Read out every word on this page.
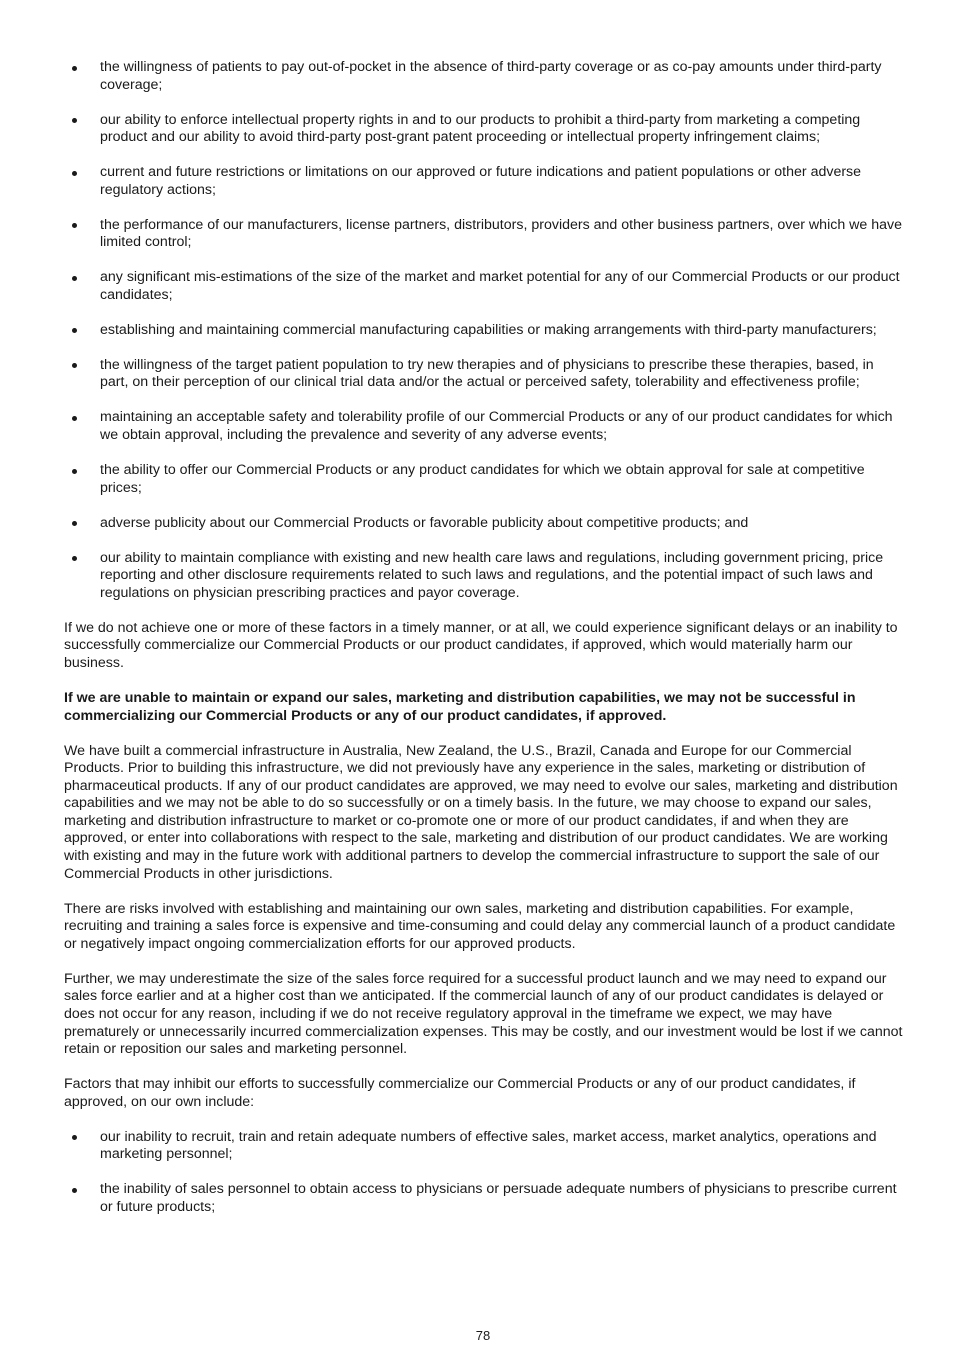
the willingness of patients to pay out-of-pocket in the absence of third-party coverage or as co-pay amounts under third-party coverage;
our ability to enforce intellectual property rights in and to our products to prohibit a third-party from marketing a competing product and our ability to avoid third-party post-grant patent proceeding or intellectual property infringement claims;
current and future restrictions or limitations on our approved or future indications and patient populations or other adverse regulatory actions;
the performance of our manufacturers, license partners, distributors, providers and other business partners, over which we have limited control;
any significant mis-estimations of the size of the market and market potential for any of our Commercial Products or our product candidates;
establishing and maintaining commercial manufacturing capabilities or making arrangements with third-party manufacturers;
the willingness of the target patient population to try new therapies and of physicians to prescribe these therapies, based, in part, on their perception of our clinical trial data and/or the actual or perceived safety, tolerability and effectiveness profile;
maintaining an acceptable safety and tolerability profile of our Commercial Products or any of our product candidates for which we obtain approval, including the prevalence and severity of any adverse events;
the ability to offer our Commercial Products or any product candidates for which we obtain approval for sale at competitive prices;
adverse publicity about our Commercial Products or favorable publicity about competitive products; and
our ability to maintain compliance with existing and new health care laws and regulations, including government pricing, price reporting and other disclosure requirements related to such laws and regulations, and the potential impact of such laws and regulations on physician prescribing practices and payor coverage.

If we do not achieve one or more of these factors in a timely manner, or at all, we could experience significant delays or an inability to successfully commercialize our Commercial Products or our product candidates, if approved, which would materially harm our business.

If we are unable to maintain or expand our sales, marketing and distribution capabilities, we may not be successful in commercializing our Commercial Products or any of our product candidates, if approved.

We have built a commercial infrastructure in Australia, New Zealand, the U.S., Brazil, Canada and Europe for our Commercial Products. Prior to building this infrastructure, we did not previously have any experience in the sales, marketing or distribution of pharmaceutical products. If any of our product candidates are approved, we may need to evolve our sales, marketing and distribution capabilities and we may not be able to do so successfully or on a timely basis. In the future, we may choose to expand our sales, marketing and distribution infrastructure to market or co-promote one or more of our product candidates, if and when they are approved, or enter into collaborations with respect to the sale, marketing and distribution of our product candidates. We are working with existing and may in the future work with additional partners to develop the commercial infrastructure to support the sale of our Commercial Products in other jurisdictions.

There are risks involved with establishing and maintaining our own sales, marketing and distribution capabilities. For example, recruiting and training a sales force is expensive and time-consuming and could delay any commercial launch of a product candidate or negatively impact ongoing commercialization efforts for our approved products.

Further, we may underestimate the size of the sales force required for a successful product launch and we may need to expand our sales force earlier and at a higher cost than we anticipated. If the commercial launch of any of our product candidates is delayed or does not occur for any reason, including if we do not receive regulatory approval in the timeframe we expect, we may have prematurely or unnecessarily incurred commercialization expenses. This may be costly, and our investment would be lost if we cannot retain or reposition our sales and marketing personnel.

Factors that may inhibit our efforts to successfully commercialize our Commercial Products or any of our product candidates, if approved, on our own include:

our inability to recruit, train and retain adequate numbers of effective sales, market access, market analytics, operations and marketing personnel;
the inability of sales personnel to obtain access to physicians or persuade adequate numbers of physicians to prescribe current or future products;
78
